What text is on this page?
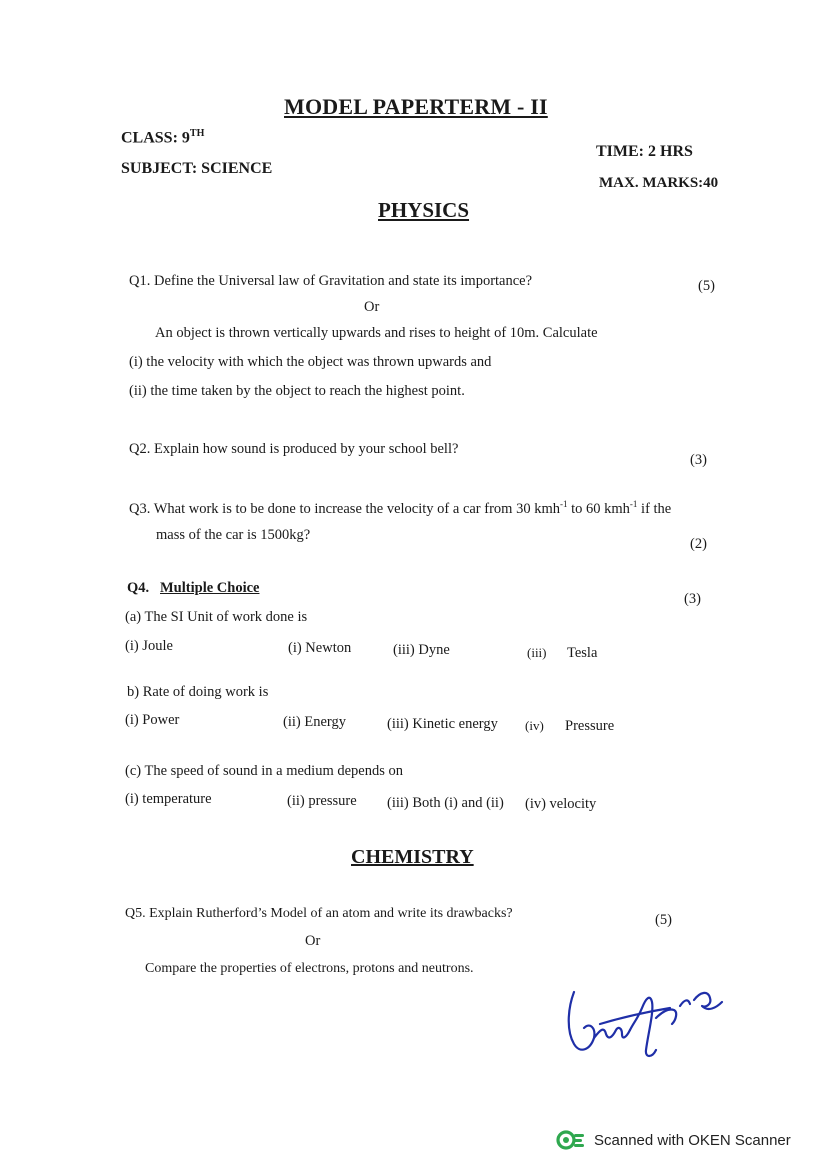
MODEL PAPERTERM - II
CLASS: 9TH
SUBJECT: SCIENCE
TIME: 2 HRS
MAX. MARKS:40
PHYSICS
Q1. Define the Universal law of Gravitation and state its importance?	(5)
Or
An object is thrown vertically upwards and rises to height of 10m. Calculate
(i) the velocity with which the object was thrown upwards and
(ii) the time taken by the object to reach the highest point.
Q2. Explain how sound is produced by your school bell?
(3)
Q3. What work is to be done to increase the velocity of a car from 30 kmh$^{-1}$ to 60 kmh$^{-1}$ if the
mass of the car is 1500kg?
(2)
Q4. Multiple Choice
(3)
(a) The SI Unit of work done is
(i) Joule	(i) Newton	(iii) Dyne	(iii) Tesla
b) Rate of doing work is
(i) Power	(ii) Energy	(iii) Kinetic energy (iv) Pressure
(c) The speed of sound in a medium depends on
(i) temperature	(ii) pressure (iii) Both (i) and (ii) (iv) velocity
CHEMISTRY
Q5. Explain Rutherford’s Model of an atom and write its drawbacks?	(5)
Or
Compare the properties of electrons, protons and neutrons.
Scanned with OKEN Scanner
